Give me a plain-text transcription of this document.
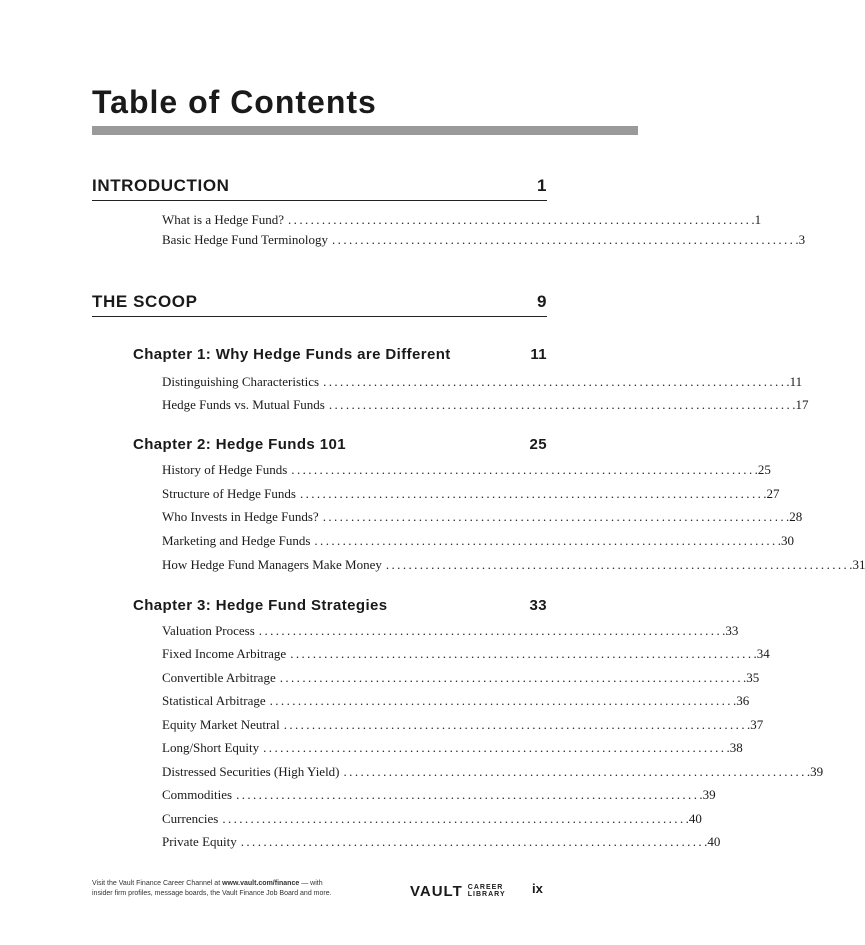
Table of Contents
INTRODUCTION	1
What is a Hedge Fund? .................................................................................. .1
Basic Hedge Fund Terminology .................................................................................. .3
THE SCOOP	9
Chapter 1: Why Hedge Funds are Different	11
Distinguishing Characteristics .................................................................................. .11
Hedge Funds vs. Mutual Funds .................................................................................. .17
Chapter 2: Hedge Funds 101	25
History of Hedge Funds .................................................................................. .25
Structure of Hedge Funds .................................................................................. .27
Who Invests in Hedge Funds? .................................................................................. .28
Marketing and Hedge Funds .................................................................................. .30
How Hedge Fund Managers Make Money .................................................................................. .31
Chapter 3: Hedge Fund Strategies	33
Valuation Process .................................................................................. .33
Fixed Income Arbitrage .................................................................................. .34
Convertible Arbitrage .................................................................................. .35
Statistical Arbitrage .................................................................................. .36
Equity Market Neutral .................................................................................. .37
Long/Short Equity .................................................................................. .38
Distressed Securities (High Yield) .................................................................................. .39
Commodities .................................................................................. .39
Currencies .................................................................................. .40
Private Equity .................................................................................. .40
Visit the Vault Finance Career Channel at www.vault.com/finance — with
insider firm profiles, message boards, the Vault Finance Job Board and more.	VAULT CAREER
LIBRARY ix
